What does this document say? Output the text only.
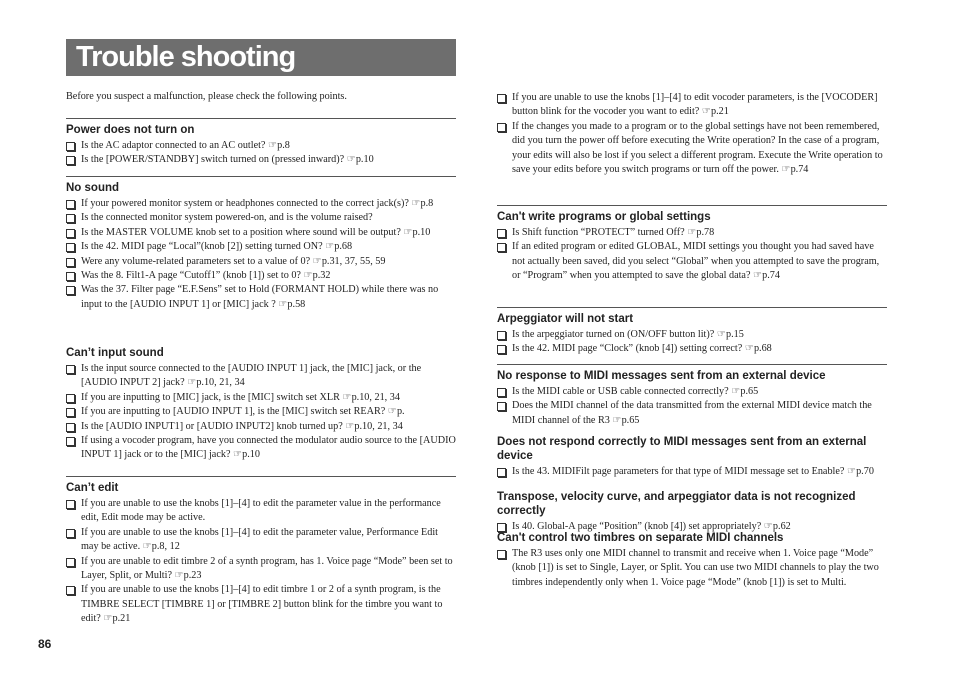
Trouble shooting
Before you suspect a malfunction, please check the following points.
Power does not turn on
Is the AC adaptor connected to an AC outlet? ☞p.8
Is the [POWER/STANDBY] switch turned on (pressed inward)? ☞p.10
No sound
If your powered monitor system or headphones connected to the correct jack(s)? ☞p.8
Is the connected monitor system powered-on, and is the volume raised?
Is the MASTER VOLUME knob set to a position where sound will be output? ☞p.10
Is the 42. MIDI page “Local”(knob [2]) setting turned ON? ☞p.68
Were any volume-related parameters set to a value of 0? ☞p.31, 37, 55, 59
Was the 8. Filt1-A page “Cutoff1” (knob [1]) set to 0? ☞p.32
Was the 37. Filter page “E.F.Sens” set to Hold (FORMANT HOLD) while there was no input to the [AUDIO INPUT 1] or [MIC] jack ? ☞p.58
Can’t input sound
Is the input source connected to the [AUDIO INPUT 1] jack, the [MIC] jack, or the [AUDIO INPUT 2] jack? ☞p.10, 21, 34
If you are inputting to [MIC] jack, is the [MIC] switch set XLR ☞p.10, 21, 34
If you are inputting to [AUDIO INPUT 1], is the [MIC] switch set REAR? ☞p.
Is the [AUDIO INPUT1] or [AUDIO INPUT2] knob turned up? ☞p.10, 21, 34
If using a vocoder program, have you connected the modulator audio source to the [AUDIO INPUT 1] jack or to the [MIC] jack? ☞p.10
Can’t edit
If you are unable to use the knobs [1]–[4] to edit the parameter value in the performance edit, Edit mode may be active.
If you are unable to use the knobs [1]–[4] to edit the parameter value, Performance Edit may be active. ☞p.8, 12
If you are unable to edit timbre 2 of a synth program, has 1. Voice page “Mode” been set to Layer, Split, or Multi? ☞p.23
If you are unable to use the knobs [1]–[4] to edit timbre 1 or 2 of a synth program, is the TIMBRE SELECT [TIMBRE 1] or [TIMBRE 2] button blink for the timbre you want to edit? ☞p.21
If you are unable to use the knobs [1]–[4] to edit vocoder parameters, is the [VOCODER] button blink for the vocoder you want to edit? ☞p.21
If the changes you made to a program or to the global settings have not been remembered, did you turn the power off before executing the Write operation? In the case of a program, your edits will also be lost if you select a different program. Execute the Write operation to save your edits before you switch programs or turn off the power. ☞p.74
Can't write programs or global settings
Is Shift function “PROTECT” turned Off? ☞p.78
If an edited program or edited GLOBAL, MIDI settings you thought you had saved have not actually been saved, did you select “Global” when you attempted to save the program, or “Program” when you attempted to save the global data? ☞p.74
Arpeggiator will not start
Is the arpeggiator turned on (ON/OFF button lit)? ☞p.15
Is the 42. MIDI page “Clock” (knob [4]) setting correct? ☞p.68
No response to MIDI messages sent from an external device
Is the MIDI cable or USB cable connected correctly? ☞p.65
Does the MIDI channel of the data transmitted from the external MIDI device match the MIDI channel of the R3 ☞p.65
Does not respond correctly to MIDI messages sent from an external device
Is the 43. MIDIFilt page parameters for that type of MIDI message set to Enable? ☞p.70
Transpose, velocity curve, and arpeggiator data is not recognized correctly
Is 40. Global-A page “Position” (knob [4]) set appropriately? ☞p.62
Can't control two timbres on separate MIDI channels
The R3 uses only one MIDI channel to transmit and receive when 1. Voice page “Mode” (knob [1]) is set to Single, Layer, or Split. You can use two MIDI channels to play the two timbres independently only when 1. Voice page “Mode” (knob [1]) is set to Multi.
86
